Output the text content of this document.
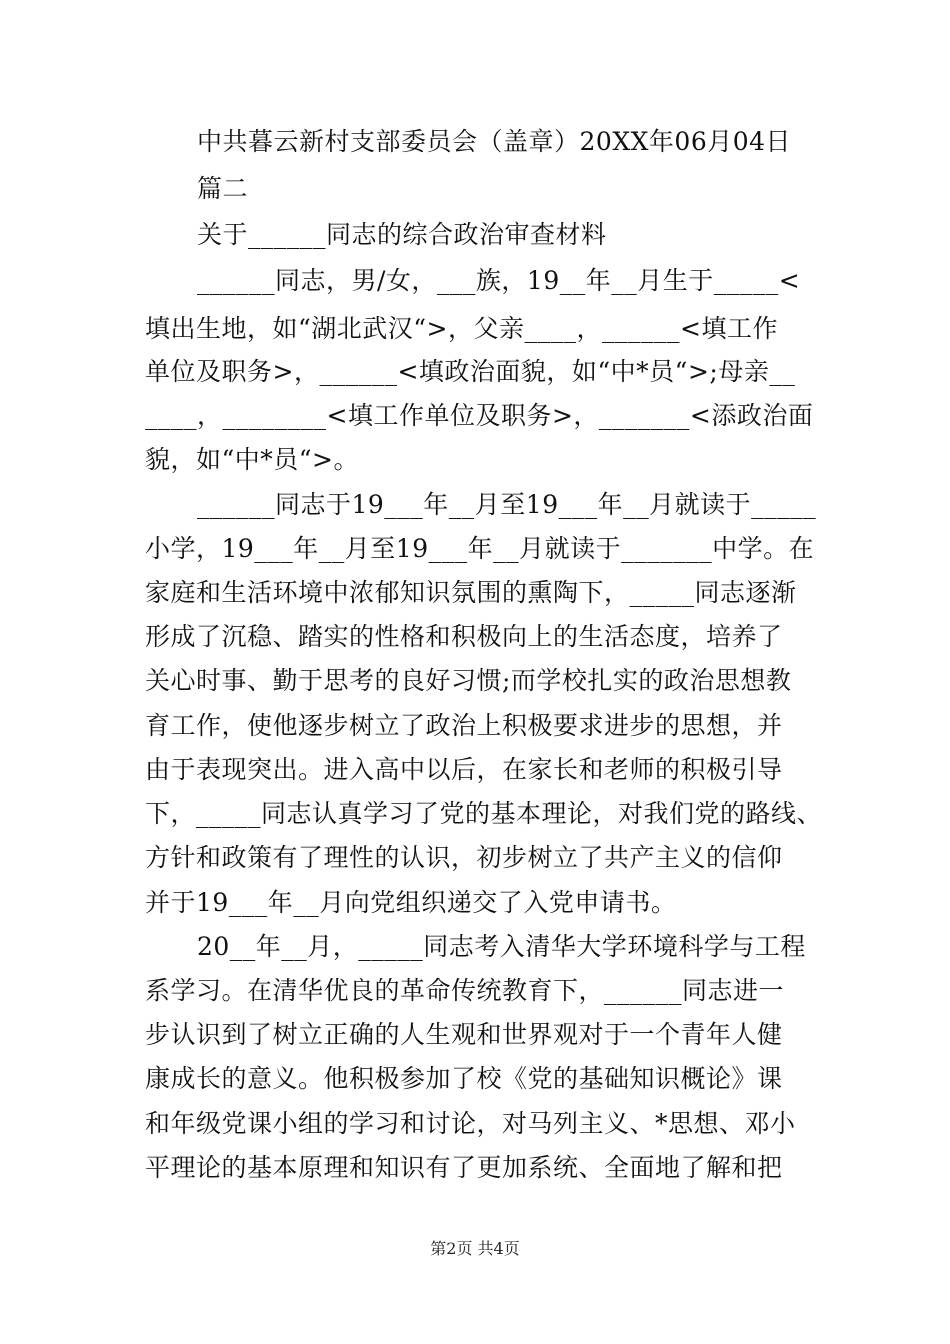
中共暮云新村支部委员会（盖章）20XX年06月04日
篇二
关于______同志的综合政治审查材料
______同志，男/女，___族，19__年__月生于_____<
填出生地，如“湖北武汉“>，父亲____，______<填工作
单位及职务>，______<填政治面貌，如“中*员“>;母亲__
____，________<填工作单位及职务>，_______<添政治面
貌，如“中*员“>。
______同志于19___年__月至19___年__月就读于_____
小学，19___年__月至19___年__月就读于_______中学。在
家庭和生活环境中浓郁知识氛围的熏陶下，_____同志逐渐
形成了沉稳、踏实的性格和积极向上的生活态度，培养了
关心时事、勤于思考的良好习惯;而学校扎实的政治思想教
育工作，使他逐步树立了政治上积极要求进步的思想，并
由于表现突出。进入高中以后，在家长和老师的积极引导
下，_____同志认真学习了党的基本理论，对我们党的路线、
方针和政策有了理性的认识，初步树立了共产主义的信仰
并于19___年__月向党组织递交了入党申请书。
20__年__月，_____同志考入清华大学环境科学与工程
系学习。在清华优良的革命传统教育下，______同志进一
步认识到了树立正确的人生观和世界观对于一个青年人健
康成长的意义。他积极参加了校《党的基础知识概论》课
和年级党课小组的学习和讨论，对马列主义、*思想、邓小
平理论的基本原理和知识有了更加系统、全面地了解和把
第2页 共4页
